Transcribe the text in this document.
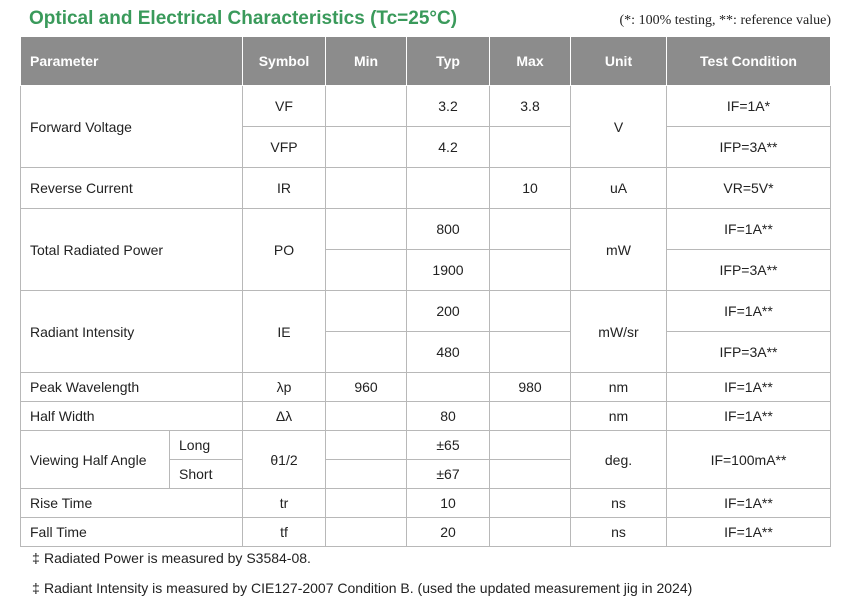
Optical and Electrical Characteristics (Tc=25°C)	(*: 100% testing, **: reference value)
Parameter		Symbol	Min	Typ	Max	Unit	Test Condition
Forward Voltage		VF		3.2	3.8	V	IF=1A*
		VFP		4.2			IFP=3A**
Reverse Current		IR			10	uA	VR=5V*
Total Radiated Power		PO		800		mW	IF=1A**
				1900			IFP=3A**
Radiant Intensity		IE		200		mW/sr	IF=1A**
				480			IFP=3A**
Peak Wavelength		λp	960		980	nm	IF=1A**
Half Width		Δλ		80		nm	IF=1A**
Viewing Half Angle	Long	θ1/2		±65		deg.	IF=100mA**
	Short			±67			
Rise Time		tr		10		ns	IF=1A**
Fall Time		tf		20		ns	IF=1A**
‡ Radiated Power is measured by S3584-08.
‡ Radiant Intensity is measured by CIE127-2007 Condition B. (used the updated measurement jig in 2024)
